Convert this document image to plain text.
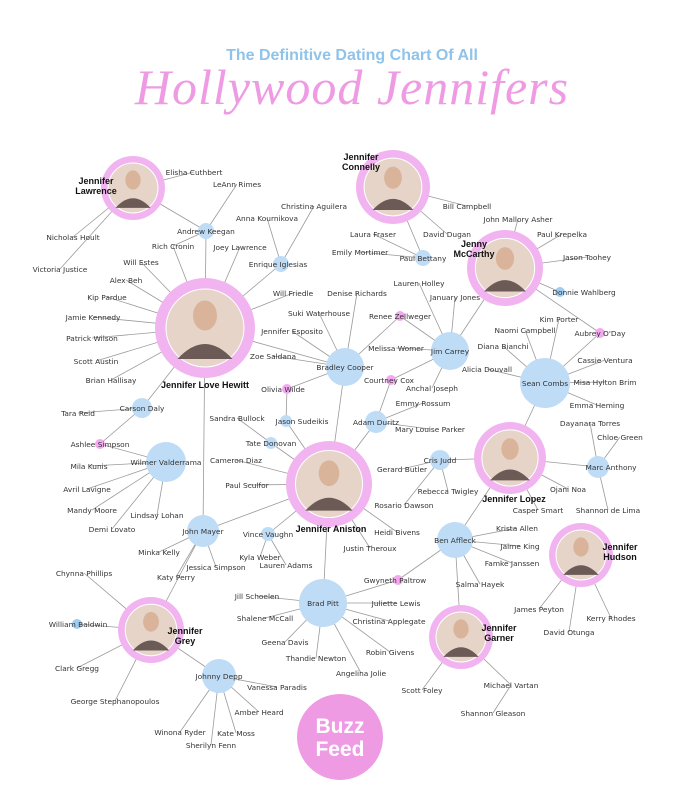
The Definitive Dating Chart Of All
Hollywood Jennifers
Jennifer Lawrence
Jennifer Connelly
Jenny McCarthy
Jennifer Love Hewitt
Jennifer Aniston
Jennifer Lopez
Jennifer Hudson
Jennifer Grey
Jennifer Garner
Brad Pitt
John Mayer
Ben Affleck
Wilmer Valderrama
Sean Combs
Bradley Cooper
Jim Carrey
Johnny Depp
Marc Anthony
Carson Daly
Adam Duritz
Cris Judd
Andrew Keegan
Enrique Iglesias
Paul Bettany
Vince Vaughn
Jason Sudeikis
Tate Donovan
Donnie Wahlberg
William Baldwin
Olivia Wilde
Courtney Cox
Renee Zellweger
Ashlee Simpson
Gwyneth Paltrow
Aubrey O'Day
Elisha Cuthbert
LeAnn Rimes
Christina Aguilera
Anna Kournikova
Joey Lawrence
Rich Cronin
Nicholas Hoult
Victoria Justice
Will Estes
Alex Beh
Kip Pardue
Jamie Kennedy
Patrick Wilson
Scott Austin
Brian Hallisay
Will Friedle Denise Richards
Suki Waterhouse
Jennifer Esposito
Zoe Saldana
Lauren Holley
January Jones
Melissa Womer
Anchal Joseph
Emmy Rossum
Mary Louise Parker
Bill Campbell
David Dugan
Laura Fraser
Emily Mortimer
John Mallory Asher
Paul Krepelka
Jason Toohey
Kim Porter
Naomi Campbell
Diana Bianchi
Alicia Douvall
Cassie Ventura
Misa Hylton Brim
Emma Heming
Dayanara Torres
Chloe Green
Ojani Noa
Shannon de Lima
Casper Smart
Gerard Butler
Rebecca Twigley
Rosario Dawson
Heidi Bivens
Justin Theroux
Krista Allen
Jaime King
Famke Janssen
Salma Hayek
James Peyton
Kerry Rhodes
David Otunga
Tara Reid
Mila Kunis
Avril Lavigne
Mandy Moore
Demi Lovato
Lindsay Lohan
Sandra Bullock
Cameron Diaz
Paul Sculfor
Minka Kelly
Jessica Simpson
Katy Perry
Kyla Weber
Lauren Adams
Chynna Phillips
Clark Gregg
George Stephanopoulos
Jill Schoelen
Shalene McCall
Geena Davis
Thandie Newton
Angelina Jolie
Juliette Lewis
Christina Applegate
Robin Givens
Vanessa Paradis
Amber Heard
Kate Moss
Winona Ryder
Sherilyn Fenn
Scott Foley
Michael Vartan
Shannon Gleason
Buzz
Feed
